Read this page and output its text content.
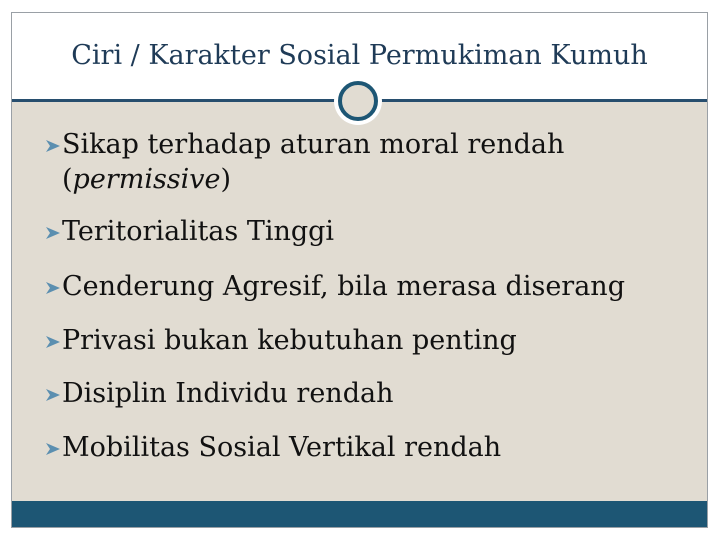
Ciri / Karakter Sosial Permukiman Kumuh
Sikap terhadap aturan moral rendah
(permissive)
Teritorialitas Tinggi
Cenderung Agresif, bila merasa diserang
Privasi bukan kebutuhan penting
Disiplin Individu rendah
Mobilitas Sosial Vertikal rendah
